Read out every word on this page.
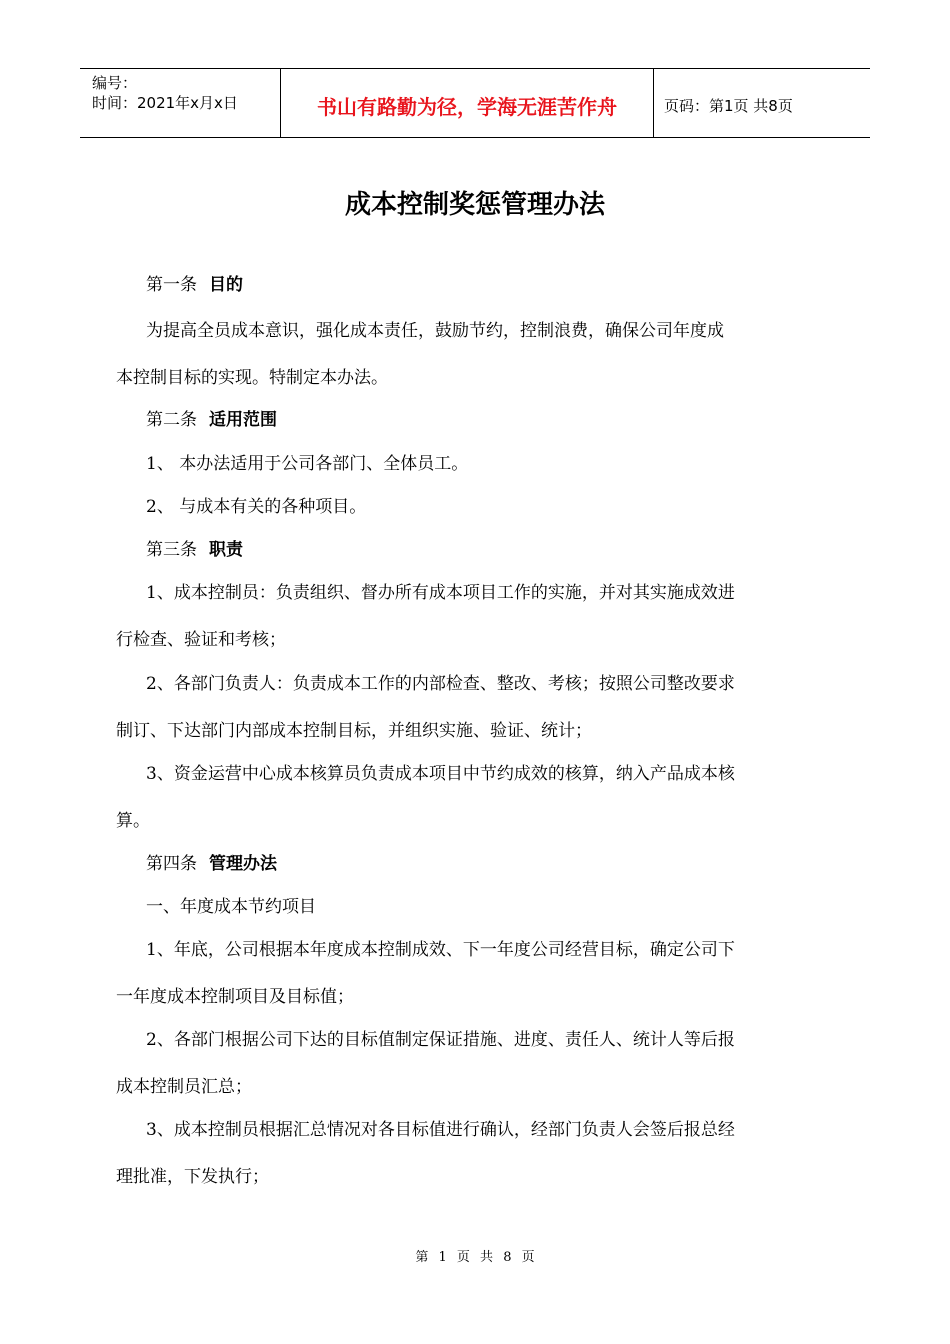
编号：
时间：2021年x月x日	书山有路勤为径，学海无涯苦作舟	页码：第1页 共8页
成本控制奖惩管理办法
第一条 目的
为提高全员成本意识，强化成本责任，鼓励节约，控制浪费，确保公司年度成
本控制目标的实现。特制定本办法。
第二条 适用范围
1、 本办法适用于公司各部门、全体员工。
2、 与成本有关的各种项目。
第三条 职责
1、成本控制员：负责组织、督办所有成本项目工作的实施，并对其实施成效进
行检查、验证和考核；
2、各部门负责人：负责成本工作的内部检查、整改、考核；按照公司整改要求
制订、下达部门内部成本控制目标，并组织实施、验证、统计；
3、资金运营中心成本核算员负责成本项目中节约成效的核算，纳入产品成本核
算。
第四条 管理办法
一、年度成本节约项目
1、年底，公司根据本年度成本控制成效、下一年度公司经营目标，确定公司下
一年度成本控制项目及目标值；
2、各部门根据公司下达的目标值制定保证措施、进度、责任人、统计人等后报
成本控制员汇总；
3、成本控制员根据汇总情况对各目标值进行确认，经部门负责人会签后报总经
理批准，下发执行；
第 1 页 共 8 页
